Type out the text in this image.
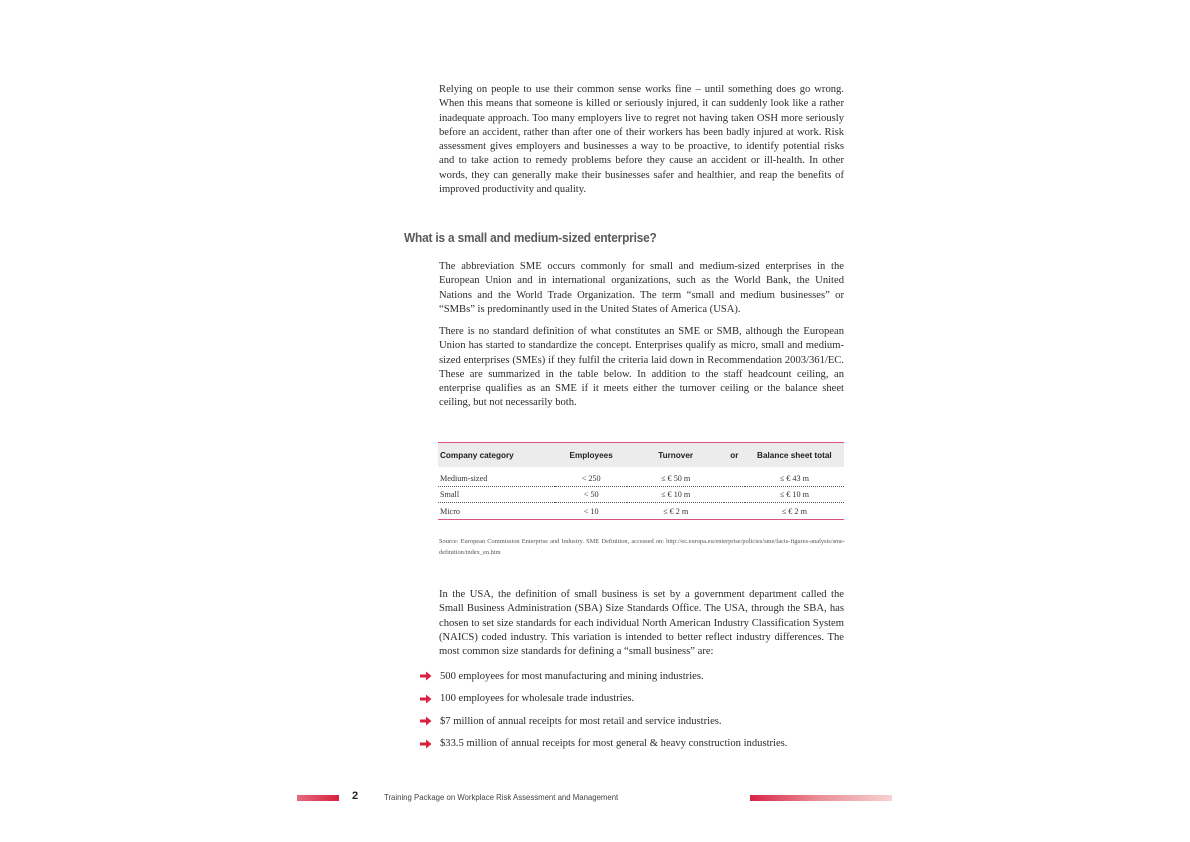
Relying on people to use their common sense works fine – until something does go wrong. When this means that someone is killed or seriously injured, it can suddenly look like a rather inadequate approach. Too many employers live to regret not having taken OSH more seriously before an accident, rather than after one of their workers has been badly injured at work. Risk assessment gives employers and businesses a way to be proactive, to identify potential risks and to take action to remedy problems before they cause an accident or ill-health. In other words, they can generally make their businesses safer and healthier, and reap the benefits of improved productivity and quality.

What is a small and medium-sized enterprise?

The abbreviation SME occurs commonly for small and medium-sized enterprises in the European Union and in international organizations, such as the World Bank, the United Nations and the World Trade Organization. The term “small and medium businesses” or “SMBs” is predominantly used in the United States of America (USA).

There is no standard definition of what constitutes an SME or SMB, although the European Union has started to standardize the concept. Enterprises qualify as micro, small and medium-sized enterprises (SMEs) if they fulfil the criteria laid down in Recommendation 2003/361/EC. These are summarized in the table below. In addition to the staff headcount ceiling, an enterprise qualifies as an SME if it meets either the turnover ceiling or the balance sheet ceiling, but not necessarily both.

Company category	Employees	Turnover	or	Balance sheet total

Medium-sized	< 250	≤ € 50 m		≤ € 43 m
Small	< 50	≤ € 10 m		≤ € 10 m
Micro	< 10	≤ € 2 m		≤ € 2 m

Source: European Commission Enterprise and Industry. SME Definition, accessed on: http://ec.europa.eu/enterprise/policies/sme/facts-figures-analysis/sme-definition/index_en.htm

In the USA, the definition of small business is set by a government department called the Small Business Administration (SBA) Size Standards Office. The USA, through the SBA, has chosen to set size standards for each individual North American Industry Classification System (NAICS) coded industry. This variation is intended to better reflect industry differences. The most common size standards for defining a “small business” are:

500 employees for most manufacturing and mining industries.
100 employees for wholesale trade industries.
$7 million of annual receipts for most retail and service industries.
$33.5 million of annual receipts for most general & heavy construction industries.
2	Training Package on Workplace Risk Assessment and Management
